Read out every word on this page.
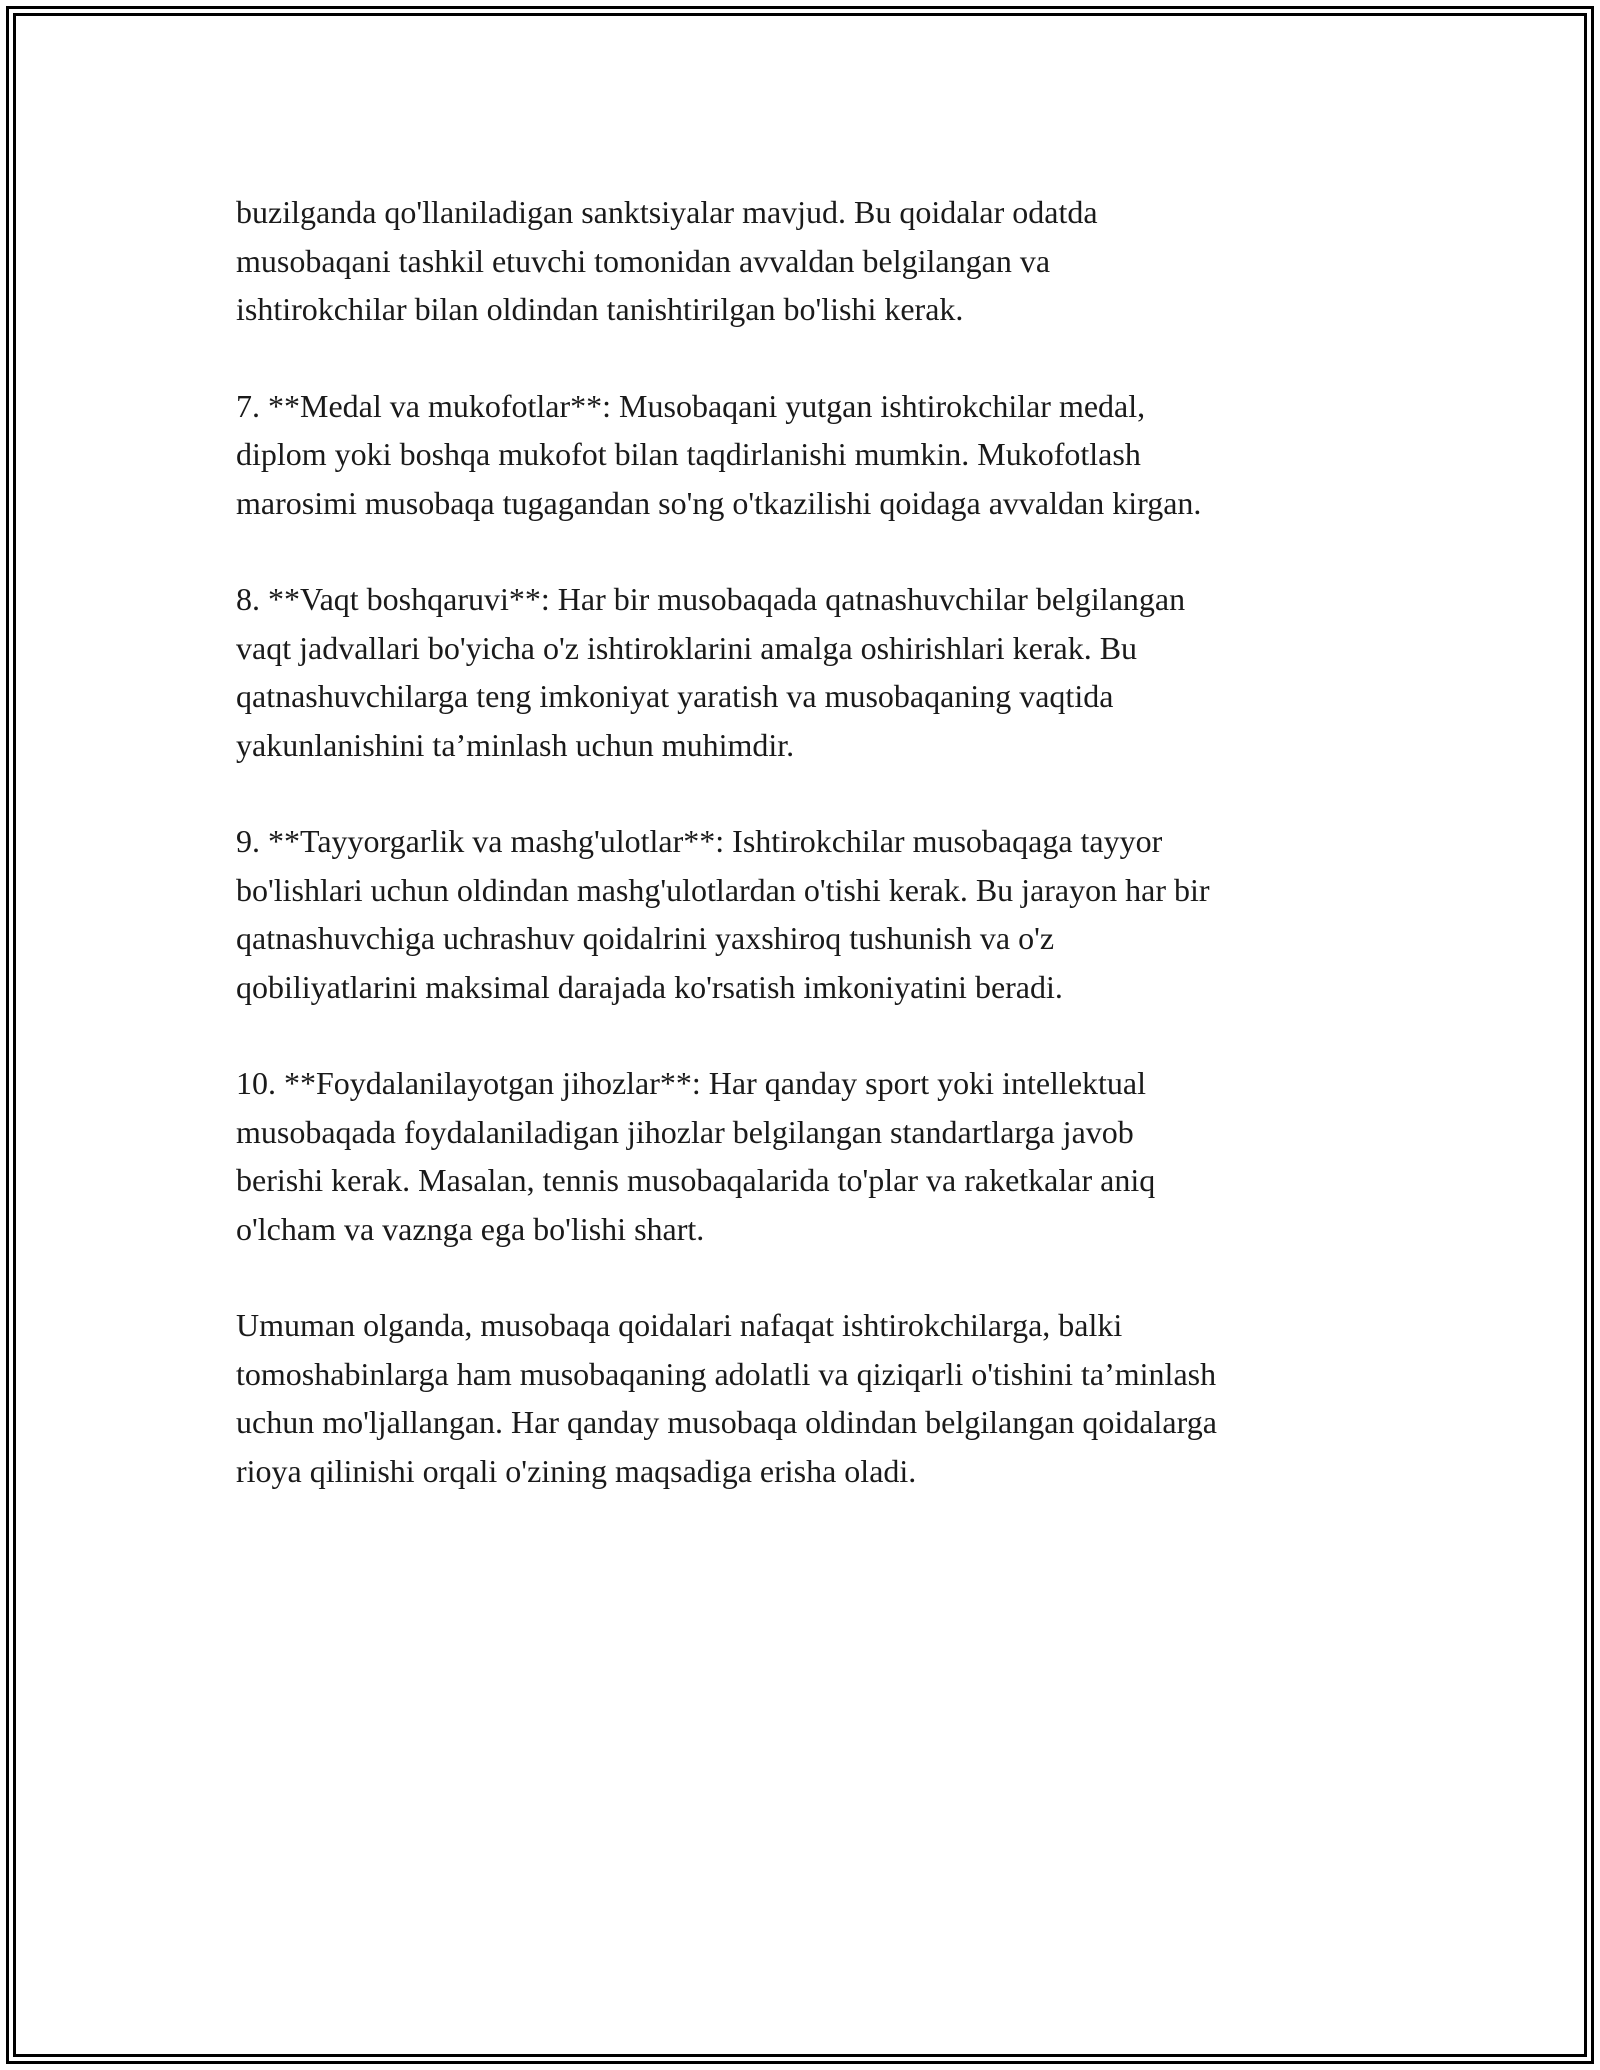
buzilganda qo'llaniladigan sanktsiyalar mavjud. Bu qoidalar odatda
musobaqani tashkil etuvchi tomonidan avvaldan belgilangan va
ishtirokchilar bilan oldindan tanishtirilgan bo'lishi kerak.

7. **Medal va mukofotlar**: Musobaqani yutgan ishtirokchilar medal,
diplom yoki boshqa mukofot bilan taqdirlanishi mumkin. Mukofotlash
marosimi musobaqa tugagandan so'ng o'tkazilishi qoidaga avvaldan kirgan.

8. **Vaqt boshqaruvi**: Har bir musobaqada qatnashuvchilar belgilangan
vaqt jadvallari bo'yicha o'z ishtiroklarini amalga oshirishlari kerak. Bu
qatnashuvchilarga teng imkoniyat yaratish va musobaqaning vaqtida
yakunlanishini ta’minlash uchun muhimdir.

9. **Tayyorgarlik va mashg'ulotlar**: Ishtirokchilar musobaqaga tayyor
bo'lishlari uchun oldindan mashg'ulotlardan o'tishi kerak. Bu jarayon har bir
qatnashuvchiga uchrashuv qoidalrini yaxshiroq tushunish va o'z
qobiliyatlarini maksimal darajada ko'rsatish imkoniyatini beradi.

10. **Foydalanilayotgan jihozlar**: Har qanday sport yoki intellektual
musobaqada foydalaniladigan jihozlar belgilangan standartlarga javob
berishi kerak. Masalan, tennis musobaqalarida to'plar va raketkalar aniq
o'lcham va vaznga ega bo'lishi shart.

Umuman olganda, musobaqa qoidalari nafaqat ishtirokchilarga, balki
tomoshabinlarga ham musobaqaning adolatli va qiziqarli o'tishini ta’minlash
uchun mo'ljallangan. Har qanday musobaqa oldindan belgilangan qoidalarga
rioya qilinishi orqali o'zining maqsadiga erisha oladi.
